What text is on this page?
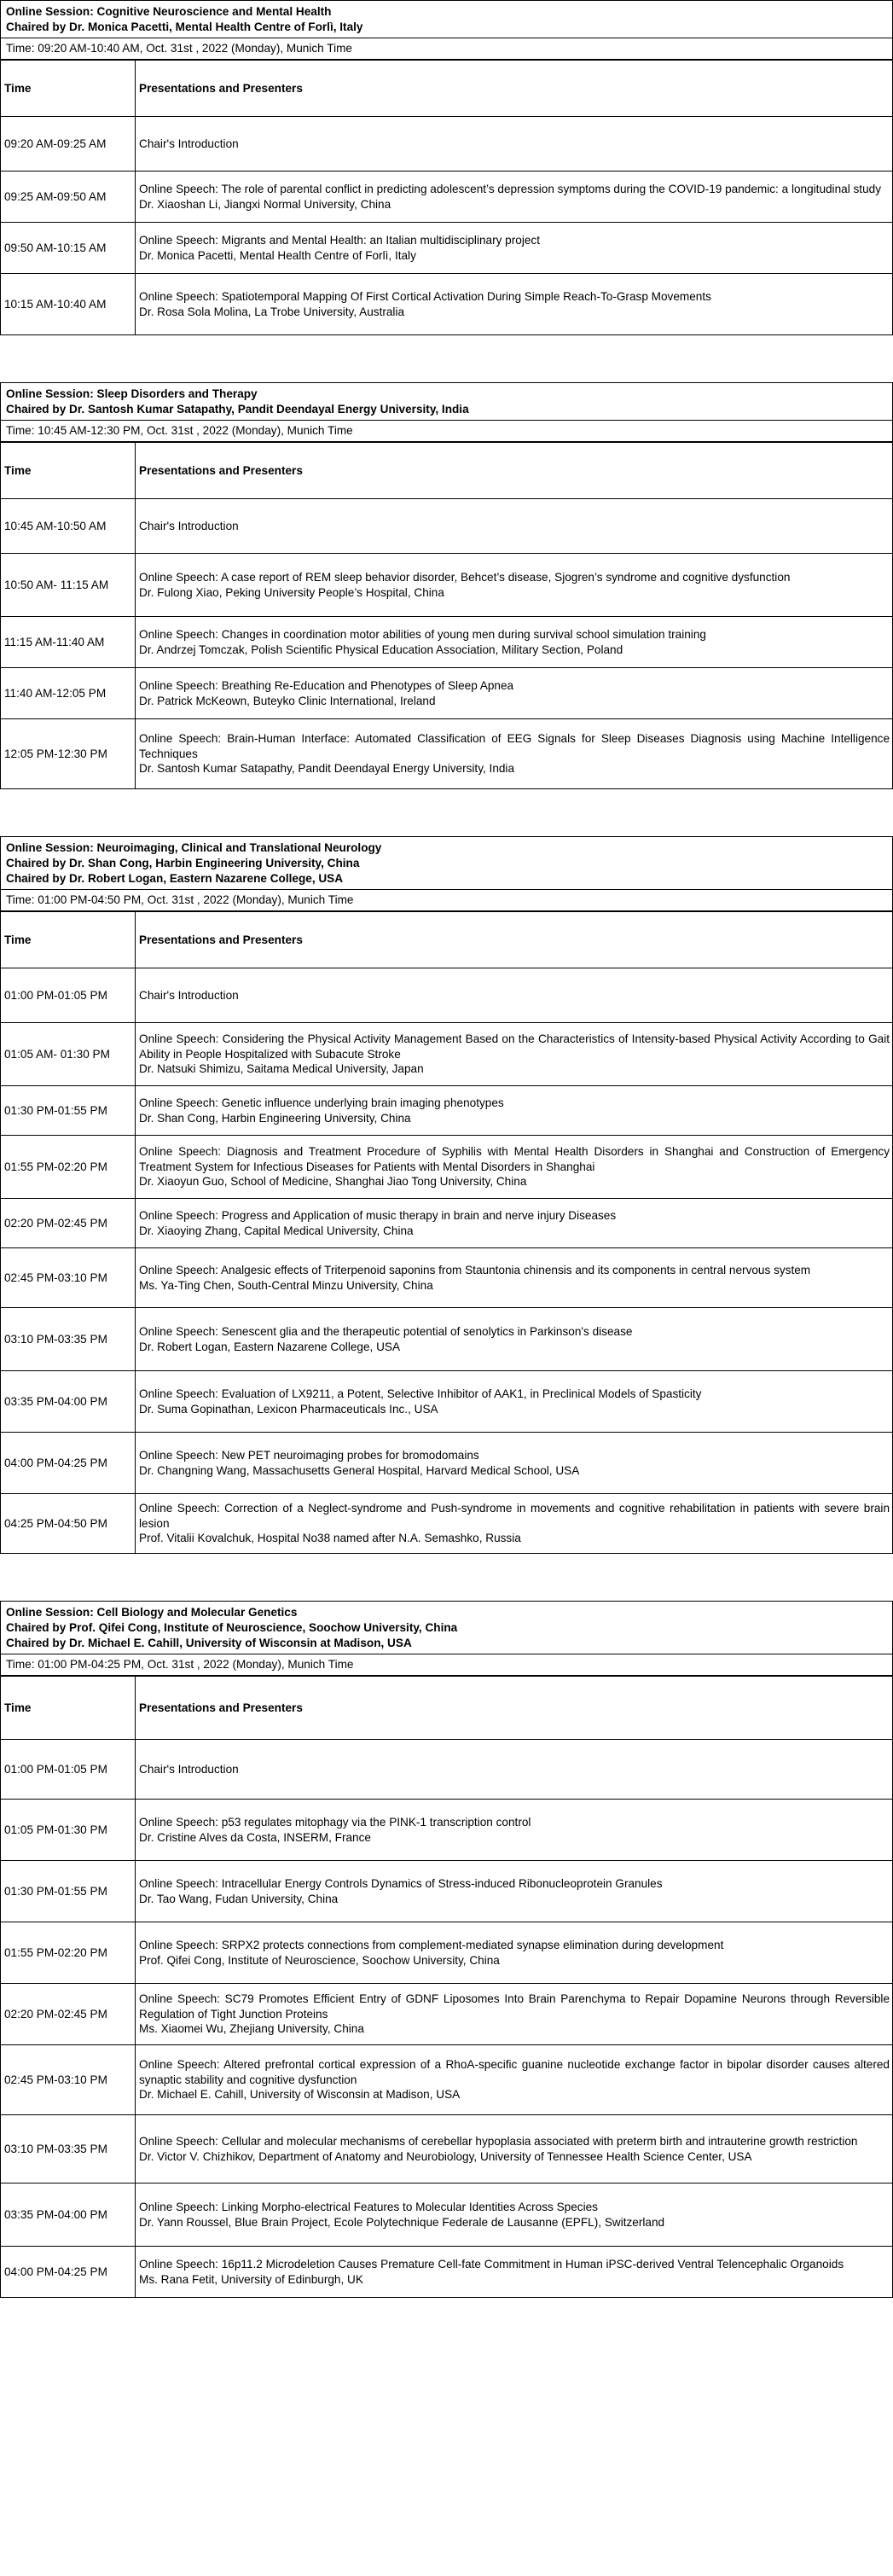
Online Session: Cognitive Neuroscience and Mental Health
Chaired by Dr. Monica Pacetti, Mental Health Centre of Forlì, Italy
Time: 09:20 AM-10:40 AM, Oct. 31st , 2022 (Monday), Munich Time
Time	Presentations and Presenters
09:20 AM-09:25 AM	Chair's Introduction

09:25 AM-09:50 AM	Online Speech: The role of parental conflict in predicting adolescent’s depression symptoms during the COVID-19 pandemic: a longitudinal study
Dr. Xiaoshan Li, Jiangxi Normal University, China

09:50 AM-10:15 AM	Online Speech: Migrants and Mental Health: an Italian multidisciplinary project
Dr. Monica Pacetti, Mental Health Centre of Forlì, Italy

10:15 AM-10:40 AM	Online Speech: Spatiotemporal Mapping Of First Cortical Activation During Simple Reach-To-Grasp Movements
Dr. Rosa Sola Molina, La Trobe University, Australia
Online Session: Sleep Disorders and Therapy
Chaired by Dr. Santosh Kumar Satapathy, Pandit Deendayal Energy University, India
Time: 10:45 AM-12:30 PM, Oct. 31st , 2022 (Monday), Munich Time
Time	Presentations and Presenters
10:45 AM-10:50 AM	Chair's Introduction

10:50 AM- 11:15 AM	Online Speech: A case report of REM sleep behavior disorder, Behcet’s disease, Sjogren’s syndrome and cognitive dysfunction
Dr. Fulong Xiao, Peking University People’s Hospital, China

11:15 AM-11:40 AM	Online Speech: Changes in coordination motor abilities of young men during survival school simulation training
Dr. Andrzej Tomczak, Polish Scientific Physical Education Association, Military Section, Poland

11:40 AM-12:05 PM	Online Speech: Breathing Re-Education and Phenotypes of Sleep Apnea
Dr. Patrick McKeown, Buteyko Clinic International, Ireland

12:05 PM-12:30 PM	Online Speech: Brain-Human Interface: Automated Classification of EEG Signals for Sleep Diseases Diagnosis using Machine Intelligence Techniques
Dr. Santosh Kumar Satapathy, Pandit Deendayal Energy University, India
Online Session: Neuroimaging, Clinical and Translational Neurology
Chaired by Dr. Shan Cong, Harbin Engineering University, China
Chaired by Dr. Robert Logan, Eastern Nazarene College, USA
Time: 01:00 PM-04:50 PM, Oct. 31st , 2022 (Monday), Munich Time
Time	Presentations and Presenters
01:00 PM-01:05 PM	Chair's Introduction

01:05 AM- 01:30 PM	Online Speech: Considering the Physical Activity Management Based on the Characteristics of Intensity-based Physical Activity According to Gait Ability in People Hospitalized with Subacute Stroke
Dr. Natsuki Shimizu, Saitama Medical University, Japan

01:30 PM-01:55 PM	Online Speech: Genetic influence underlying brain imaging phenotypes
Dr. Shan Cong, Harbin Engineering University, China

01:55 PM-02:20 PM	Online Speech: Diagnosis and Treatment Procedure of Syphilis with Mental Health Disorders in Shanghai and Construction of Emergency Treatment System for Infectious Diseases for Patients with Mental Disorders in Shanghai
Dr. Xiaoyun Guo, School of Medicine, Shanghai Jiao Tong University, China

02:20 PM-02:45 PM	Online Speech: Progress and Application of music therapy in brain and nerve injury Diseases
Dr. Xiaoying Zhang, Capital Medical University, China

02:45 PM-03:10 PM	Online Speech: Analgesic effects of Triterpenoid saponins from Stauntonia chinensis and its components in central nervous system
Ms. Ya-Ting Chen, South-Central Minzu University, China

03:10 PM-03:35 PM	Online Speech: Senescent glia and the therapeutic potential of senolytics in Parkinson's disease
Dr. Robert Logan, Eastern Nazarene College, USA

03:35 PM-04:00 PM	Online Speech: Evaluation of LX9211, a Potent, Selective Inhibitor of AAK1, in Preclinical Models of Spasticity
Dr. Suma Gopinathan, Lexicon Pharmaceuticals Inc., USA

04:00 PM-04:25 PM	Online Speech: New PET neuroimaging probes for bromodomains
Dr. Changning Wang, Massachusetts General Hospital, Harvard Medical School, USA

04:25 PM-04:50 PM	Online Speech: Correction of a Neglect-syndrome and Push-syndrome in movements and cognitive rehabilitation in patients with severe brain lesion
Prof. Vitalii Kovalchuk, Hospital No38 named after N.A. Semashko, Russia
Online Session: Cell Biology and Molecular Genetics
Chaired by Prof. Qifei Cong, Institute of Neuroscience, Soochow University, China
Chaired by Dr. Michael E. Cahill, University of Wisconsin at Madison, USA
Time: 01:00 PM-04:25 PM, Oct. 31st , 2022 (Monday), Munich Time
Time	Presentations and Presenters
01:00 PM-01:05 PM	Chair's Introduction

01:05 PM-01:30 PM	Online Speech: p53 regulates mitophagy via the PINK-1 transcription control
Dr. Cristine Alves da Costa, INSERM, France

01:30 PM-01:55 PM	Online Speech: Intracellular Energy Controls Dynamics of Stress-induced Ribonucleoprotein Granules
Dr. Tao Wang, Fudan University, China

01:55 PM-02:20 PM	Online Speech: SRPX2 protects connections from complement-mediated synapse elimination during development
Prof. Qifei Cong, Institute of Neuroscience, Soochow University, China

02:20 PM-02:45 PM	Online Speech: SC79 Promotes Efficient Entry of GDNF Liposomes Into Brain Parenchyma to Repair Dopamine Neurons through Reversible Regulation of Tight Junction Proteins
Ms. Xiaomei Wu, Zhejiang University, China

02:45 PM-03:10 PM	Online Speech: Altered prefrontal cortical expression of a RhoA-specific guanine nucleotide exchange factor in bipolar disorder causes altered synaptic stability and cognitive dysfunction
Dr. Michael E. Cahill, University of Wisconsin at Madison, USA

03:10 PM-03:35 PM	Online Speech: Cellular and molecular mechanisms of cerebellar hypoplasia associated with preterm birth and intrauterine growth restriction
Dr. Victor V. Chizhikov, Department of Anatomy and Neurobiology, University of Tennessee Health Science Center, USA

03:35 PM-04:00 PM	Online Speech: Linking Morpho-electrical Features to Molecular Identities Across Species
Dr. Yann Roussel, Blue Brain Project, Ecole Polytechnique Federale de Lausanne (EPFL), Switzerland

04:00 PM-04:25 PM	Online Speech: 16p11.2 Microdeletion Causes Premature Cell-fate Commitment in Human iPSC-derived Ventral Telencephalic Organoids
Ms. Rana Fetit, University of Edinburgh, UK
